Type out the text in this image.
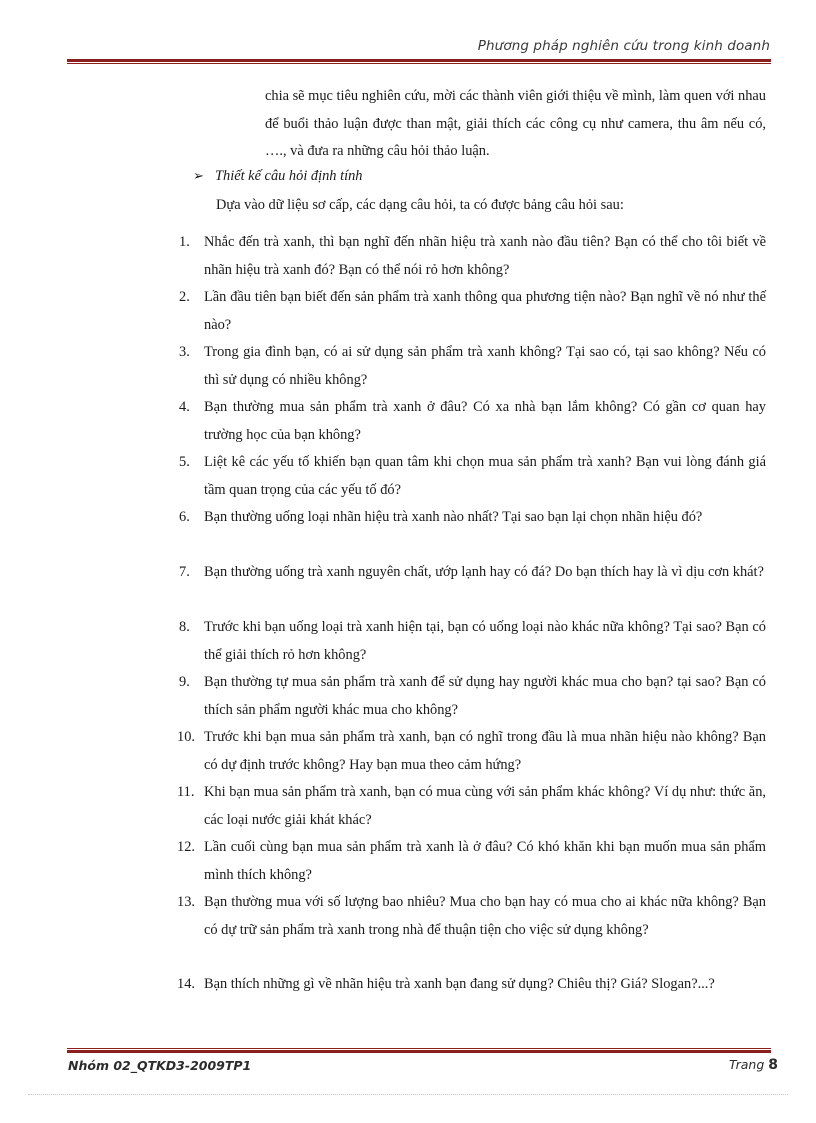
Phương pháp nghiên cứu trong kinh doanh
chia sẽ mục tiêu nghiên cứu, mời các thành viên giới thiệu về mình, làm quen với nhau để buổi thảo luận được than mật, giải thích các công cụ như camera, thu âm nếu có, …., và đưa ra những câu hỏi thảo luận.
➢ Thiết kế câu hỏi định tính
Dựa vào dữ liệu sơ cấp, các dạng câu hỏi, ta có được bảng câu hỏi sau:
1. Nhắc đến trà xanh, thì bạn nghĩ đến nhãn hiệu trà xanh nào đầu tiên? Bạn có thể cho tôi biết về nhãn hiệu trà xanh đó? Bạn có thể nói rỏ hơn không?
2. Lần đầu tiên bạn biết đến sản phẩm trà xanh thông qua phương tiện nào? Bạn nghĩ về nó như thế nào?
3. Trong gia đình bạn, có ai sử dụng sản phẩm trà xanh không? Tại sao có, tại sao không? Nếu có thì sử dụng có nhiều không?
4. Bạn thường mua sản phẩm trà xanh ở đâu? Có xa nhà bạn lắm không? Có gần cơ quan hay trường học của bạn không?
5. Liệt kê các yếu tố khiến bạn quan tâm khi chọn mua sản phẩm trà xanh? Bạn vui lòng đánh giá tầm quan trọng của các yếu tố đó?
6. Bạn thường uống loại nhãn hiệu trà xanh nào nhất? Tại sao bạn lại chọn nhãn hiệu đó?
7. Bạn thường uống trà xanh nguyên chất, ướp lạnh hay có đá? Do bạn thích hay là vì dịu cơn khát?
8. Trước khi bạn uống loại trà xanh hiện tại, bạn có uống loại nào khác nữa không? Tại sao? Bạn có thể giải thích rỏ hơn không?
9. Bạn thường tự mua sản phẩm trà xanh để sử dụng hay người khác mua cho bạn? tại sao? Bạn có thích sản phẩm người khác mua cho không?
10. Trước khi bạn mua sản phẩm trà xanh, bạn có nghĩ trong đầu là mua nhãn hiệu nào không? Bạn có dự định trước không? Hay bạn mua theo cảm hứng?
11. Khi bạn mua sản phẩm trà xanh, bạn có mua cùng với sản phẩm khác không? Ví dụ như: thức ăn, các loại nước giải khát khác?
12. Lần cuối cùng bạn mua sản phẩm trà xanh là ở đâu? Có khó khăn khi bạn muốn mua sản phẩm mình thích không?
13. Bạn thường mua với số lượng bao nhiêu? Mua cho bạn hay có mua cho ai khác nữa không? Bạn có dự trữ sản phẩm trà xanh trong nhà để thuận tiện cho việc sử dụng không?
14. Bạn thích những gì về nhãn hiệu trà xanh bạn đang sử dụng? Chiêu thị? Giá? Slogan?...?
Nhóm 02_QTKD3-2009TP1	Trang 8
